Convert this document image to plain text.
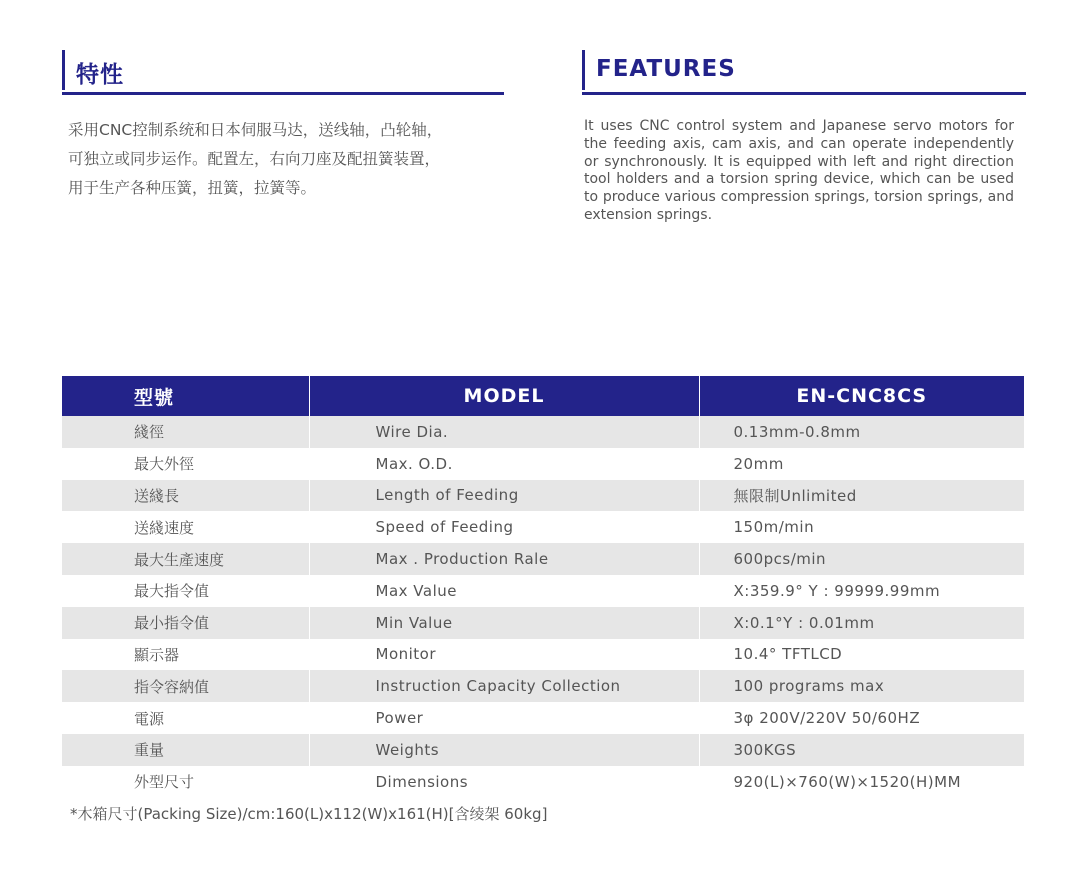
特性	FEATURES
采用CNC控制系统和日本伺服马达，送线轴，凸轮轴，
可独立或同步运作。配置左，右向刀座及配扭簧装置，
用于生产各种压簧，扭簧，拉簧等。
It uses CNC control system and Japanese servo motors for the feeding axis, cam axis, and can operate independently or synchronously. It is equipped with left and right direction tool holders and a torsion spring device, which can be used to produce various compression springs, torsion springs, and extension springs.
型號	MODEL	EN-CNC8CS
綫徑	Wire Dia.	0.13mm-0.8mm
最大外徑	Max. O.D.	20mm
送綫長	Length of Feeding	無限制Unlimited
送綫速度	Speed of Feeding	150m/min
最大生產速度	Max . Production Rale	600pcs/min
最大指令值	Max Value	X:359.9° Y : 99999.99mm
最小指令值	Min Value	X:0.1°Y : 0.01mm
顯示器	Monitor	10.4° TFTLCD
指令容納值	Instruction Capacity Collection	100 programs max
電源	Power	3φ 200V/220V 50/60HZ
重量	Weights	300KGS
外型尺寸	Dimensions	920(L)×760(W)×1520(H)MM
*木箱尺寸(Packing Size)/cm:160(L)x112(W)x161(H)[含绫架 60kg]
